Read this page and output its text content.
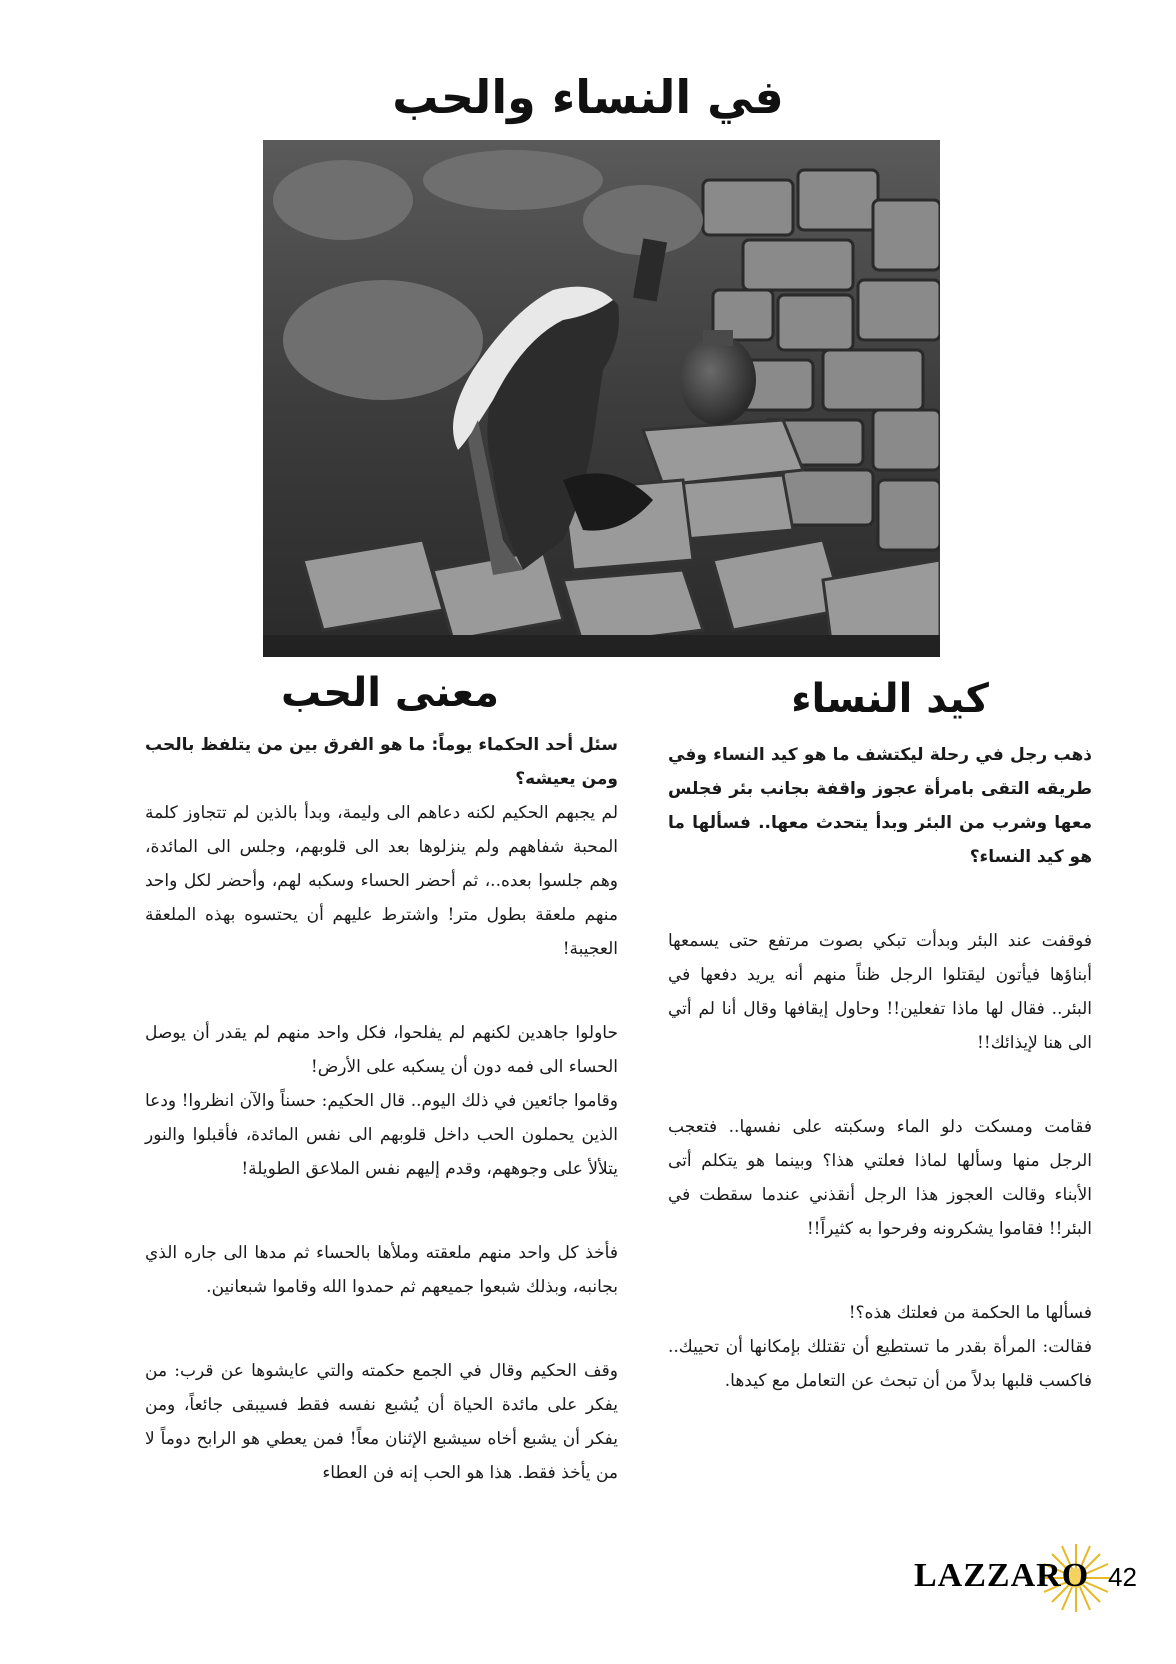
في النساء والحب
كيد النساء
معنى الحب

ذهب رجل في رحلة ليكتشف ما هو كيد النساء وفي طريقه التقى بامرأة عجوز واقفة بجانب بئر فجلس معها وشرب من البئر وبدأ يتحدث معها.. فسألها ما هو كيد النساء؟

فوقفت عند البئر وبدأت تبكي بصوت مرتفع حتى يسمعها أبناؤها فيأتون ليقتلوا الرجل ظناً منهم أنه يريد دفعها في البئر.. فقال لها ماذا تفعلين!! وحاول إيقافها وقال أنا لم أتي الى هنا لإيذائك!!

فقامت ومسكت دلو الماء وسكبته على نفسها.. فتعجب الرجل منها وسألها لماذا فعلتي هذا؟ وبينما هو يتكلم أتى الأبناء وقالت العجوز هذا الرجل أنقذني عندما سقطت في البئر!! فقاموا يشكرونه وفرحوا به كثيراً!!

فسألها ما الحكمة من فعلتك هذه؟!

فقالت: المرأة بقدر ما تستطيع أن تقتلك بإمكانها أن تحييك.. فاكسب قلبها بدلاً من أن تبحث عن التعامل مع كيدها.

سئل أحد الحكماء يوماً: ما هو الفرق بين من يتلفظ بالحب ومن يعيشه؟

لم يجبهم الحكيم لكنه دعاهم الى وليمة، وبدأ بالذين لم تتجاوز كلمة المحبة شفاههم ولم ينزلوها بعد الى قلوبهم، وجلس الى المائدة، وهم جلسوا بعده..، ثم أحضر الحساء وسكبه لهم، وأحضر لكل واحد منهم ملعقة بطول متر! واشترط عليهم أن يحتسوه بهذه الملعقة العجيبة!

حاولوا جاهدين لكنهم لم يفلحوا، فكل واحد منهم لم يقدر أن يوصل الحساء الى فمه دون أن يسكبه على الأرض!

وقاموا جائعين في ذلك اليوم.. قال الحكيم: حسناً والآن انظروا! ودعا الذين يحملون الحب داخل قلوبهم الى نفس المائدة، فأقبلوا والنور يتلألأ على وجوههم، وقدم إليهم نفس الملاعق الطويلة!

فأخذ كل واحد منهم ملعقته وملأها بالحساء ثم مدها الى جاره الذي بجانبه، وبذلك شبعوا جميعهم ثم حمدوا الله وقاموا شبعانين.

وقف الحكيم وقال في الجمع حكمته والتي عايشوها عن قرب: من يفكر على مائدة الحياة أن يُشبع نفسه فقط فسيبقى جائعاً، ومن يفكر أن يشبع أخاه سيشبع الإثنان معاً! فمن يعطي هو الرابح دوماً لا من يأخذ فقط. هذا هو الحب إنه فن العطاء

LAZZARO 42
